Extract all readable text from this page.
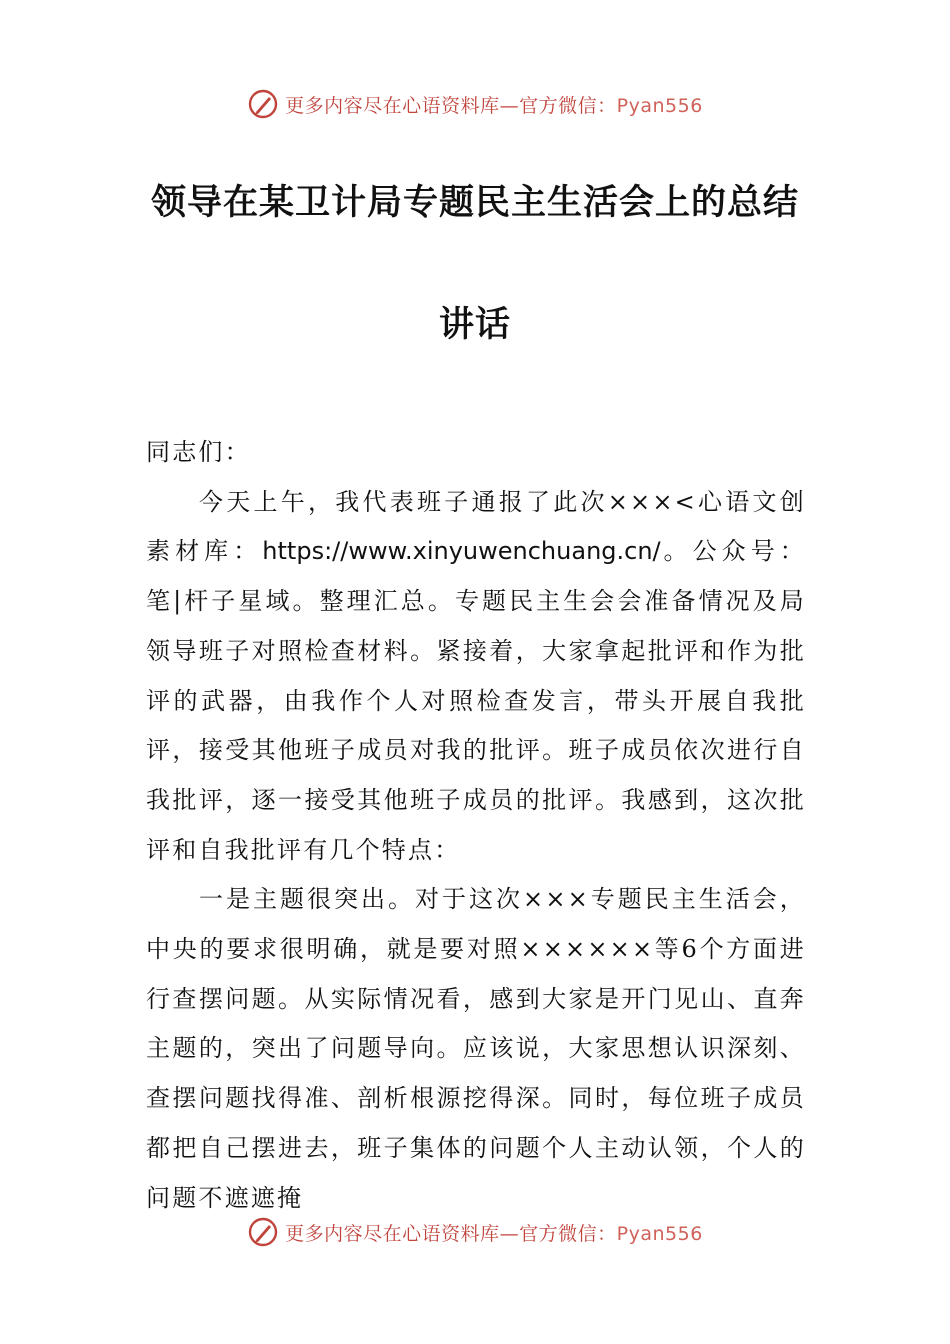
更多内容尽在心语资料库—官方微信：Pyan556
领导在某卫计局专题民主生活会上的总结
讲话

同志们：

今天上午，我代表班子通报了此次×××<心语文创素材库：https://www.xinyuwenchuang.cn/。公众号：笔|杆子星域。整理汇总。专题民主生会会准备情况及局领导班子对照检查材料。紧接着，大家拿起批评和作为批评的武器，由我作个人对照检查发言，带头开展自我批评，接受其他班子成员对我的批评。班子成员依次进行自我批评，逐一接受其他班子成员的批评。我感到，这次批评和自我批评有几个特点：

一是主题很突出。对于这次×××专题民主生活会，中央的要求很明确，就是要对照××××××等6个方面进行查摆问题。从实际情况看，感到大家是开门见山、直奔主题的，突出了问题导向。应该说，大家思想认识深刻、查摆问题找得准、剖析根源挖得深。同时，每位班子成员都把自己摆进去，班子集体的问题个人主动认领，个人的问题不遮遮掩

更多内容尽在心语资料库—官方微信：Pyan556
